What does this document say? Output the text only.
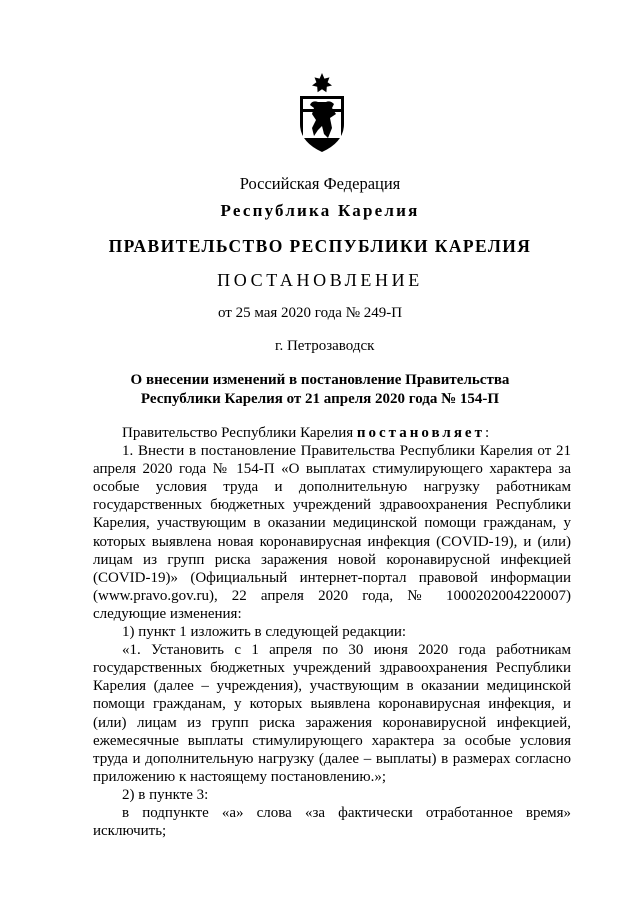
Российская Федерация
Республика Карелия
ПРАВИТЕЛЬСТВО РЕСПУБЛИКИ КАРЕЛИЯ
ПОСТАНОВЛЕНИЕ
от 25 мая 2020 года № 249-П
г. Петрозаводск
О внесении изменений в постановление Правительства
Республики Карелия от 21 апреля 2020 года № 154-П

Правительство Республики Карелия постановляет:

1. Внести в постановление Правительства Республики Карелия от 21 апреля 2020 года № 154-П «О выплатах стимулирующего характера за особые условия труда и дополнительную нагрузку работникам государственных бюджетных учреждений здравоохранения Республики Карелия, участвующим в оказании медицинской помощи гражданам, у которых выявлена новая коронавирусная инфекция (COVID-19), и (или) лицам из групп риска заражения новой коронавирусной инфекцией (COVID-19)» (Официальный интернет-портал правовой информации (www.pravo.gov.ru), 22 апреля 2020 года, № 1000202004220007) следующие изменения:

1) пункт 1 изложить в следующей редакции:

«1. Установить с 1 апреля по 30 июня 2020 года работникам государственных бюджетных учреждений здравоохранения Республики Карелия (далее – учреждения), участвующим в оказании медицинской помощи гражданам, у которых выявлена коронавирусная инфекция, и (или) лицам из групп риска заражения коронавирусной инфекцией, ежемесячные выплаты стимулирующего характера за особые условия труда и дополнительную нагрузку (далее – выплаты) в размерах согласно приложению к настоящему постановлению.»;

2) в пункте 3:

в подпункте «а» слова «за фактически отработанное время» исключить;
